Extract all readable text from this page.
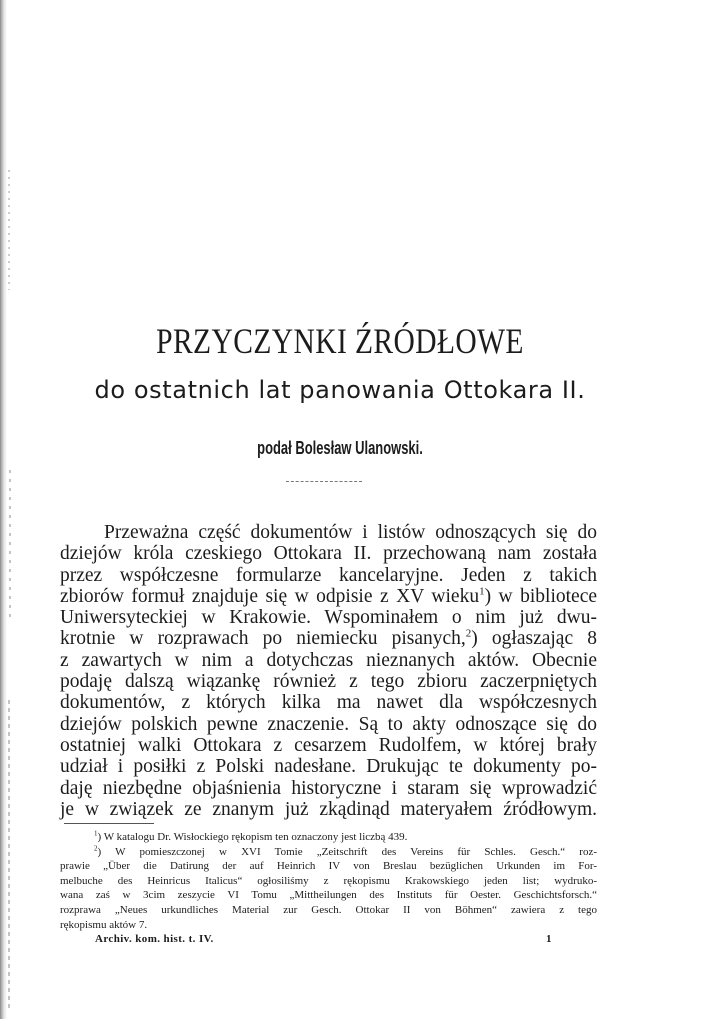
PRZYCZYNKI ŹRÓDŁOWE
do ostatnich lat panowania Ottokara II.

podał Bolesław Ulanowski.

Przeważna część dokumentów i listów odnoszących się do
dziejów króla czeskiego Ottokara II. przechowaną nam została
przez współczesne formularze kancelaryjne. Jeden z takich
zbiorów formuł znajduje się w odpisie z XV wieku$^1$) w bibliotece
Uniwersyteckiej w Krakowie. Wspominałem o nim już dwu-
krotnie w rozprawach po niemiecku pisanych,$^2$) ogłaszając 8
z zawartych w nim a dotychczas nieznanych aktów. Obecnie
podaję dalszą wiązankę również z tego zbioru zaczerpniętych
dokumentów, z których kilka ma nawet dla współczesnych
dziejów polskich pewne znaczenie. Są to akty odnoszące się do
ostatniej walki Ottokara z cesarzem Rudolfem, w której brały
udział i posiłki z Polski nadesłane. Drukując te dokumenty po-
daję niezbędne objaśnienia historyczne i staram się wprowadzić
je w związek ze znanym już zkądinąd materyałem źródłowym.
$^1$) W katalogu Dr. Wisłockiego rękopism ten oznaczony jest liczbą 439.
$^2$) W pomieszczonej w XVI Tomie „Zeitschrift des Vereins für Schles. Gesch.“ roz-
prawie „Über die Datirung der auf Heinrich IV von Breslau bezüglichen Urkunden im For-
melbuche des Heinricus Italicus“ ogłosiliśmy z rękopismu Krakowskiego jeden list; wydruko-
wana zaś w 3cim zeszycie VI Tomu „Mittheilungen des Instituts für Oester. Geschichtsforsch.“
rozprawa „Neues urkundliches Material zur Gesch. Ottokar II von Böhmen“ zawiera z tego
rękopismu aktów 7.
Archiv. kom. hist. t. IV.	1
